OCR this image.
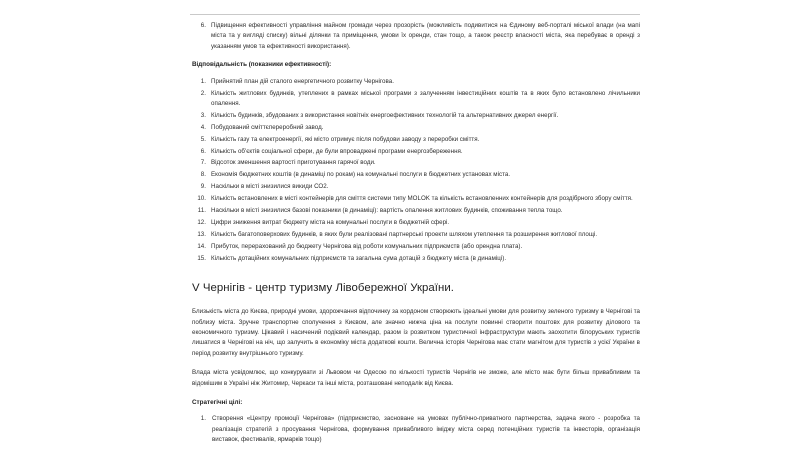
6. Підвищення ефективності управління майном громади через прозорість (можливість подивитися на Єдиному веб-порталі міської влади (на мапі міста та у вигляді списку) вільні ділянки та приміщення, умови їх оренди, стан тощо, а також реєстр власності міста, яка перебуває в оренді з указанням умов та ефективності використання).
Відповідальність (показники ефективності):
1. Прийнятий план дій сталого енергетичного розвитку Чернігова.
2. Кількість житлових будинків, утеплених в рамках міської програми з залученням інвестиційних коштів та в яких було встановлено лічильники опалення.
3. Кількість будинків, збудованих з використання новітніх енергоефективних технологій та альтернативних джерел енергії.
4. Побудований сміттєпереробний завод.
5. Кількість газу та електроенергії, які місто отримує після побудови заводу з переробки сміття.
6. Кількість об'єктів соціальної сфери, де були впроваджені програми енергозбереження.
7. Відсоток зменшення вартості приготування гарячої води.
8. Економія бюджетних коштів (в динаміці по рокам) на комунальні послуги в бюджетних установах міста.
9. Наскільки в місті знизилися викиди СО2.
10. Кількість встановлених в місті контейнерів для сміття системи типу MOLOK та кількість встановленних контейнерів для роздібрного збору сміття.
11. Наскільки в місті знизилися базові показники (в динаміці): вартість опалення житлових будинків, споживання тепла тощо.
12. Цифри зниження витрат бюджету міста на комунальні послуги в бюджетній сфері.
13. Кількість багатоповерхових будинків, в яких були реалізовані партнерські проекти шляхом утеплення та розширення житлової площі.
14. Прибуток, перерахований до бюджету Чернігова від роботи комунальних підприємств (або орендна плата).
15. Кількість дотаційних комунальних підприємств та загальна сума дотацій з бюджету міста (в динаміці).
V Чернігів - центр туризму Лівобережної України.

Близькість міста до Києва, природні умови, здорожчання відпочинку за кордоном створюють ідеальні умови для розвитку зеленого туризму в Чернігові та поблизу міста. Зручне транспортне сполучення з Києвом, але значно нижча ціна на послуги повинні створити поштовх для розвитку ділового та економичного туризму. Цікавий і насичений подієвий календар, разом із розвитком туристичної інфраструктури мають заохотити білоруських туристів лишатися в Чернігові на ніч, що залучить в економіку міста додаткові кошти. Велична історія Чернігова має стати магнітом для туристів з усієї України в період розвитку внутрішнього туризму.

Влада міста усвідомлює, що конкурувати зі Львовом чи Одесою по кількості туристів Чернігів не зможе, але місто має бути більш привабливим та відомішим в Україні ніж Житомир, Черкаси та інші міста, розташовані неподалік від Києва.

Стратегічні цілі:
1. Створення «Центру промоції Чернігова» (підприємство, засноване на умовах публічно-приватного партнерства, задача якого - розробка та реалізація стратегій з просування Чернігова, формування привабливого іміджу міста серед потенційних туристів та інвесторів, організація виставок, фестивалів, ярмарків тощо)
